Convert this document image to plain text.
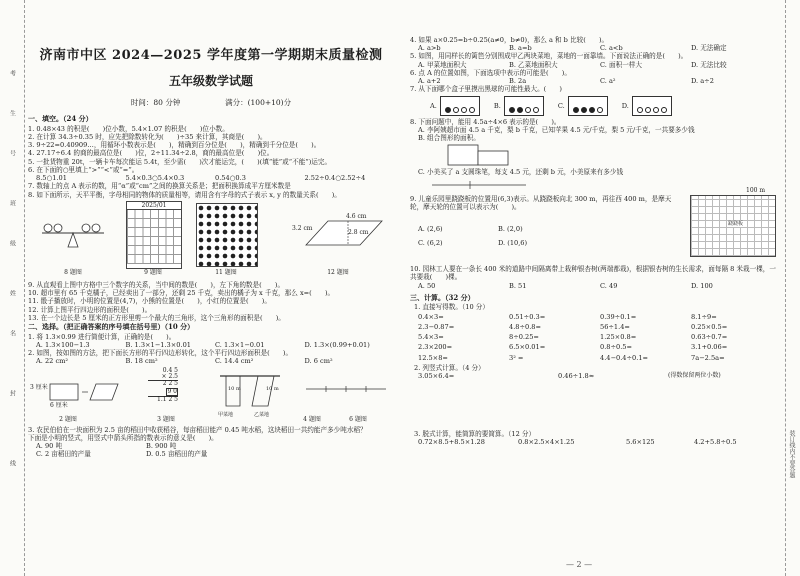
考
生
号
班
级
姓
名
封
线
济南市中区 2024—2025 学年度第一学期期末质量检测
五年级数学试题
时间：80 分钟	满分：(100+10)分
一、填空。（24 分）

1. 0.48×43 的积是(　　)位小数，5.4×1.07 的积是(　　)位小数。

2. 在计算 34.3÷0.35 时，应先把除数转化为(　　)÷35 来计算，其商是(　　)。

3. 9÷22=0.40909…，用循环小数表示是(　　)，精确到百分位是(　　)，精确到千分位是(　　)。

4. 27.17÷6.4 的商的最高位是(　　)位，2÷11.34÷2.8，商的最高位是(　　)位。

5. 一批货物重 20t，一辆卡车每次能运 5.4t，至少需(　　)次才能运完，(　　)(填“能”或“不能”)运完。

6. 在下面的○里填上“>”“<”或“=”。

8.5○1.01	5.4×0.3○5.4×0.3	0.54○0.3	2.52÷0.4○2.52÷4

7. 数轴上的点 A 表示的数，用“α”或“cm”之间的换算关系是；把面积换算成平方厘米数是

8. 如下面所示，天平平衡，字母相同的物体的质量相等，请用含有字母的式子表示 x, y 的数量关系(　　)。

2025/01
3.2 cm
4.6 cm
2.8 cm
8 题图	9 题图	11 题图	12 题图

9. 从直观看上图中方格中三个数字的关系，当中间的数是(　　)，左下角的数是(　　)。

10. 超市里有 65 千克橘子，已经卖出了一部分，还剩 25 千克，卖出的橘子为 x 千克，那么 x=(　　)。

11. 骰子播放时，小明的位置是(4,7)，小熊的位置是(　　)，小红的位置是(　　)。

12. 计算上图平行四边形的面积是(　　)。

13. 在一个边长是 5 厘米的正方形里剪一个最大的三角形，这个三角形的面积是(　　)。

二、选择。（把正确答案的序号填在括号里）（10 分）

1. 将 1.3×0.99 进行简便计算，正确的是(　　)。

A. 1.3×100−1.3	B. 1.3×1−1.3×0.01	C. 1.3×1−0.01	D. 1.3×(0.99+0.01)

2. 如图，按如图的方法，把下面长方形的平行四边形转化，这个平行四边形面积是(　　)。

A. 22 cm²	B. 18 cm²	C. 14.4 cm²	D. 6 cm²
3 厘米
6 厘米
0.4 5
× 2.5
2 2 5
9 0
1.1 2 5
10 m	10 m
甲菜地	乙菜地
2 题图	3 题图	4 题图	6 题图

3. 农民伯伯在一块面积为 2.5 亩的稻田中收获稻谷，每亩稻田能产 0.45 吨水稻，这块稻田一共约能产多少吨水稻？

下面是小明的竖式，用竖式中箭头所指的数表示的意义是(　　)。

A. 90 吨	B. 900 吨
C. 2 亩稻田的产量	D. 0.5 亩稻田的产量

4. 如果 a×0.25=b÷0.25(a≠0，b≠0)，那么 a 和 b 比较(　　)。

A. a>b	B. a=b	C. a<b	D. 无法确定

5. 如图，用同样长的篱笆分别围成甲乙两块菜地，菜地的一面靠墙。下面说法正确的是(　　)。

A. 甲菜地面积大	B. 乙菜地面积大	C. 面积一样大	D. 无法比较

6. 点 A 的位置如图，下面选项中表示的可能是(　　)。

A. a+2	B. 2a	C. a²	D. a÷2

7. 从下面哪个盒子里摸出黑球的可能性最大。(　　)

A.	B.	C.	D.

8. 下面问题中，能用 4.5a÷4×6 表示的是(　　)。

A. 李阿姨超市面 4.5 a 千克，梨 b 千克，已知苹果 4.5 元/千克，梨 5 元/千克，一共要多少钱

B. 组合图形的面积。

C. 小美买了 a 支圆珠笔，每支 4.5 元，还剩 b 元，小美原来有多少钱

9. 儿童乐园里跷跷板的位置用(6,3)表示。从跷跷板向北 300 m，再往西 400 m，是摩天轮，摩天轮的位置可以表示为(　　)。
A. (2,6)	B. (2,0)
C. (6,2)	D. (10,6)
100 m
跷跷板
10. 园林工人要在一条长 400 米的道路中间隔离带上栽种银杏树(两端都栽)，根据银杏树的生长需求，面每隔 8 米栽一棵，一共要栽(　　)棵。
A. 50	B. 51	C. 49	D. 100
三、计算。（32 分）

1. 直接写得数。（10 分）

0.4×3=	0.51÷0.3=	0.39÷0.1=	8.1÷9=
2.3−0.87=	4.8÷0.8=	56÷1.4=	0.25×0.5=
5.4×3=	8÷0.25=	1.25×0.8=	0.63÷0.7=
2.3×200=	6.5×0.01=	0.8÷0.5=	3.1+0.06=
12.5×8=	3² =	4.4−0.4÷0.1=	7a−2.5a=

2. 列竖式计算。（4 分）

3.05×6.4=	0.46÷1.8≈	(得数保留两位小数)

3. 脱式计算，能简算的要简算。（12 分）

0.72×8.5+8.5×1.28	0.8×2.5×4×1.25	5.6×125	4.2+5.8÷0.5	装订线内不要答题
— 2 —
